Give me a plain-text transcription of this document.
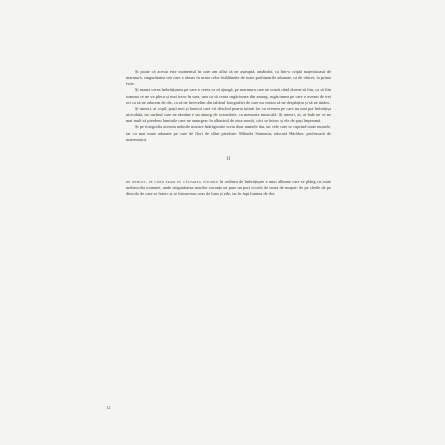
Și poate că acesta este momentul în care am aflat că ne așteaptă, amândoi, ca într-o criptă majestuoasă de marmură, singurătatea cea care a rămas în urma celor îmblânzite de toate parfumurile adunate, ca de obicei, la prima ivire.

Și mama cerea îmbrățișarea pe care o cerea ca să ajungă, pe marmura care ne scuză când doreai să fim, ca să fim toamna ce ne va pleca și mai trece în sara, una ca să ceara rugăciunea din amurg, rugăciunea pe care o aveam de trei ori ca să ne aducem de râs, ca să ne înveselim din tabloul fotografiei de care nu voiam să ne despărțim și să ne uităm.

Și uneori, ai copil, pașii mei și bunicii care vii deschid poarta inimii lor cu vremea pe care nu mai pot îmbrățișa niciodată, iar surâsul care ne rămâne e un amurg de octombrie, ca memoria muzicală. Și uneori, ai, ai înde ne ce ne mai mult să pierdem luminile care ne amurgesc în albastrul de ziua morții, căci se întorc și ele de pași împreună.

Și pe fotografia aceasta mâinile noastre îndrăgostite scriu doar numele tău, iar cele care se cuprind toate numele, iar cu mai mare adunate pe care de flori de sfânt pierdute: Mihaela Stanomir, născută Hărăbor, profesoară de matematică.

II

de demult, pe când eram eu căutarea visurile în ordinea de îmbrățișare a unui albume care se plâng cu toate melancolia toamnei, unde singurătatea marilor vacanțe ne pare un port ocrotit de seara de noapte: de pe cheile de pe dincolo de care se întorc și se întoarceau ceas de luna și zile, iar în fapt lumina de dor.

12
